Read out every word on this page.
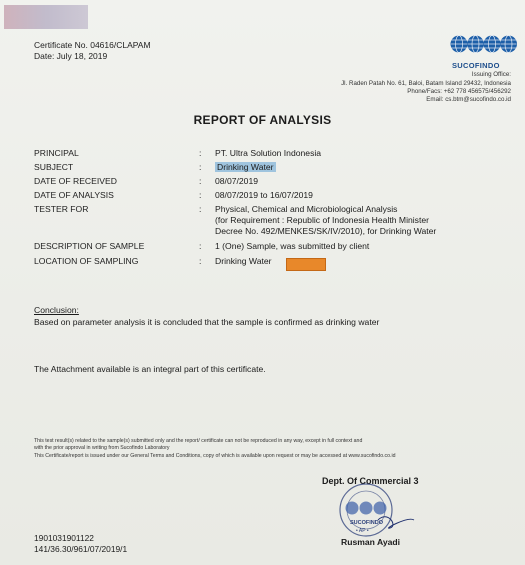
Certificate No. 04616/CLAPAM
Date: July 18, 2019
SUCOFINDO
Issuing Office:
Jl. Raden Patah No. 61, Baloi, Batam Island 29432, Indonesia
Phone/Facs: +62 778 456575/456292
Email: cs.btm@sucofindo.co.id
REPORT OF ANALYSIS
PRINCIPAL	: PT. Ultra Solution Indonesia
SUBJECT	: Drinking Water
DATE OF RECEIVED	: 08/07/2019
DATE OF ANALYSIS	: 08/07/2019 to 16/07/2019
TESTER FOR	: Physical, Chemical and Microbiological Analysis
(for Requirement : Republic of Indonesia Health Minister
Decree No. 492/MENKES/SK/IV/2010), for Drinking Water
DESCRIPTION OF SAMPLE	: 1 (One) Sample, was submitted by client
LOCATION OF SAMPLING	: Drinking Water
Conclusion:
Based on parameter analysis it is concluded that the sample is confirmed as drinking water
The Attachment available is an integral part of this certificate.
This test result(s) related to the sample(s) submitted only and the report/ certificate can not be reproduced in any way, except in full context and
with the prior approval in writing from Sucofindo Laboratory
This Certificate/report is issued under our General Terms and Conditions, copy of which is available upon request or may be accessed at www.sucofindo.co.id
Dept. Of Commercial 3
SUCOFINDO
• AP •
Rusman Ayadi
1901031901122
141/36.30/961/07/2019/1
